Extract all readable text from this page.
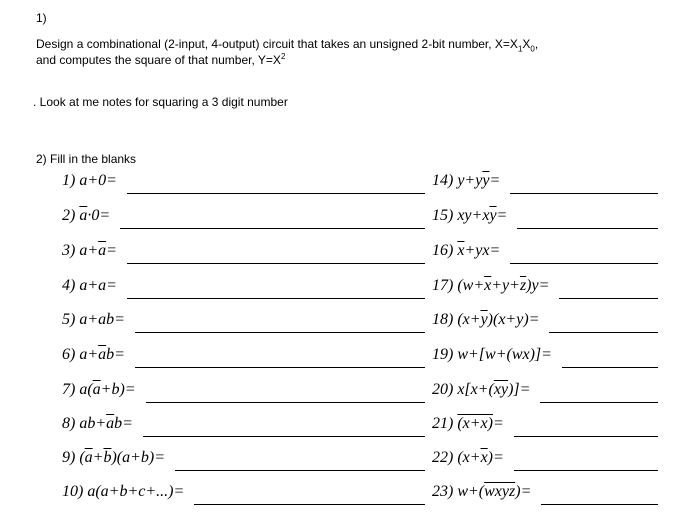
1)
Design a combinational (2-input, 4-output) circuit that takes an unsigned 2-bit number, $X=X_1X_0$,
and computes the square of that number, $Y=X^2$
. Look at me notes for squaring a 3 digit number
2) Fill in the blanks
1) a+0=
2) $\overline{a}\cdot 0=$
3) $a+\overline{a}=$
4) a+a=
5) a+ab=
6) $a+\overline{a}b=$
7) $a(\overline{a}+b)=$
8) $ab+\overline{a}b=$
9) $(\overline{a}+\overline{b})(a+b)=$
10) a(a+b+c+...)=
14) $y+y\overline{y}=$
15) $xy+x\overline{y}=$
16) $\overline{x}+yx=$
17) $(w+\overline{x}+y+\overline{z})y=$
18) $(x+\overline{y})(x+y)=$
19) w+[w+(wx)]=
20) $x[x+(\overline{xy})]=$
21) (x+x)=
22) $(x+\overline{x})=$
23) w+(wxyz)=
